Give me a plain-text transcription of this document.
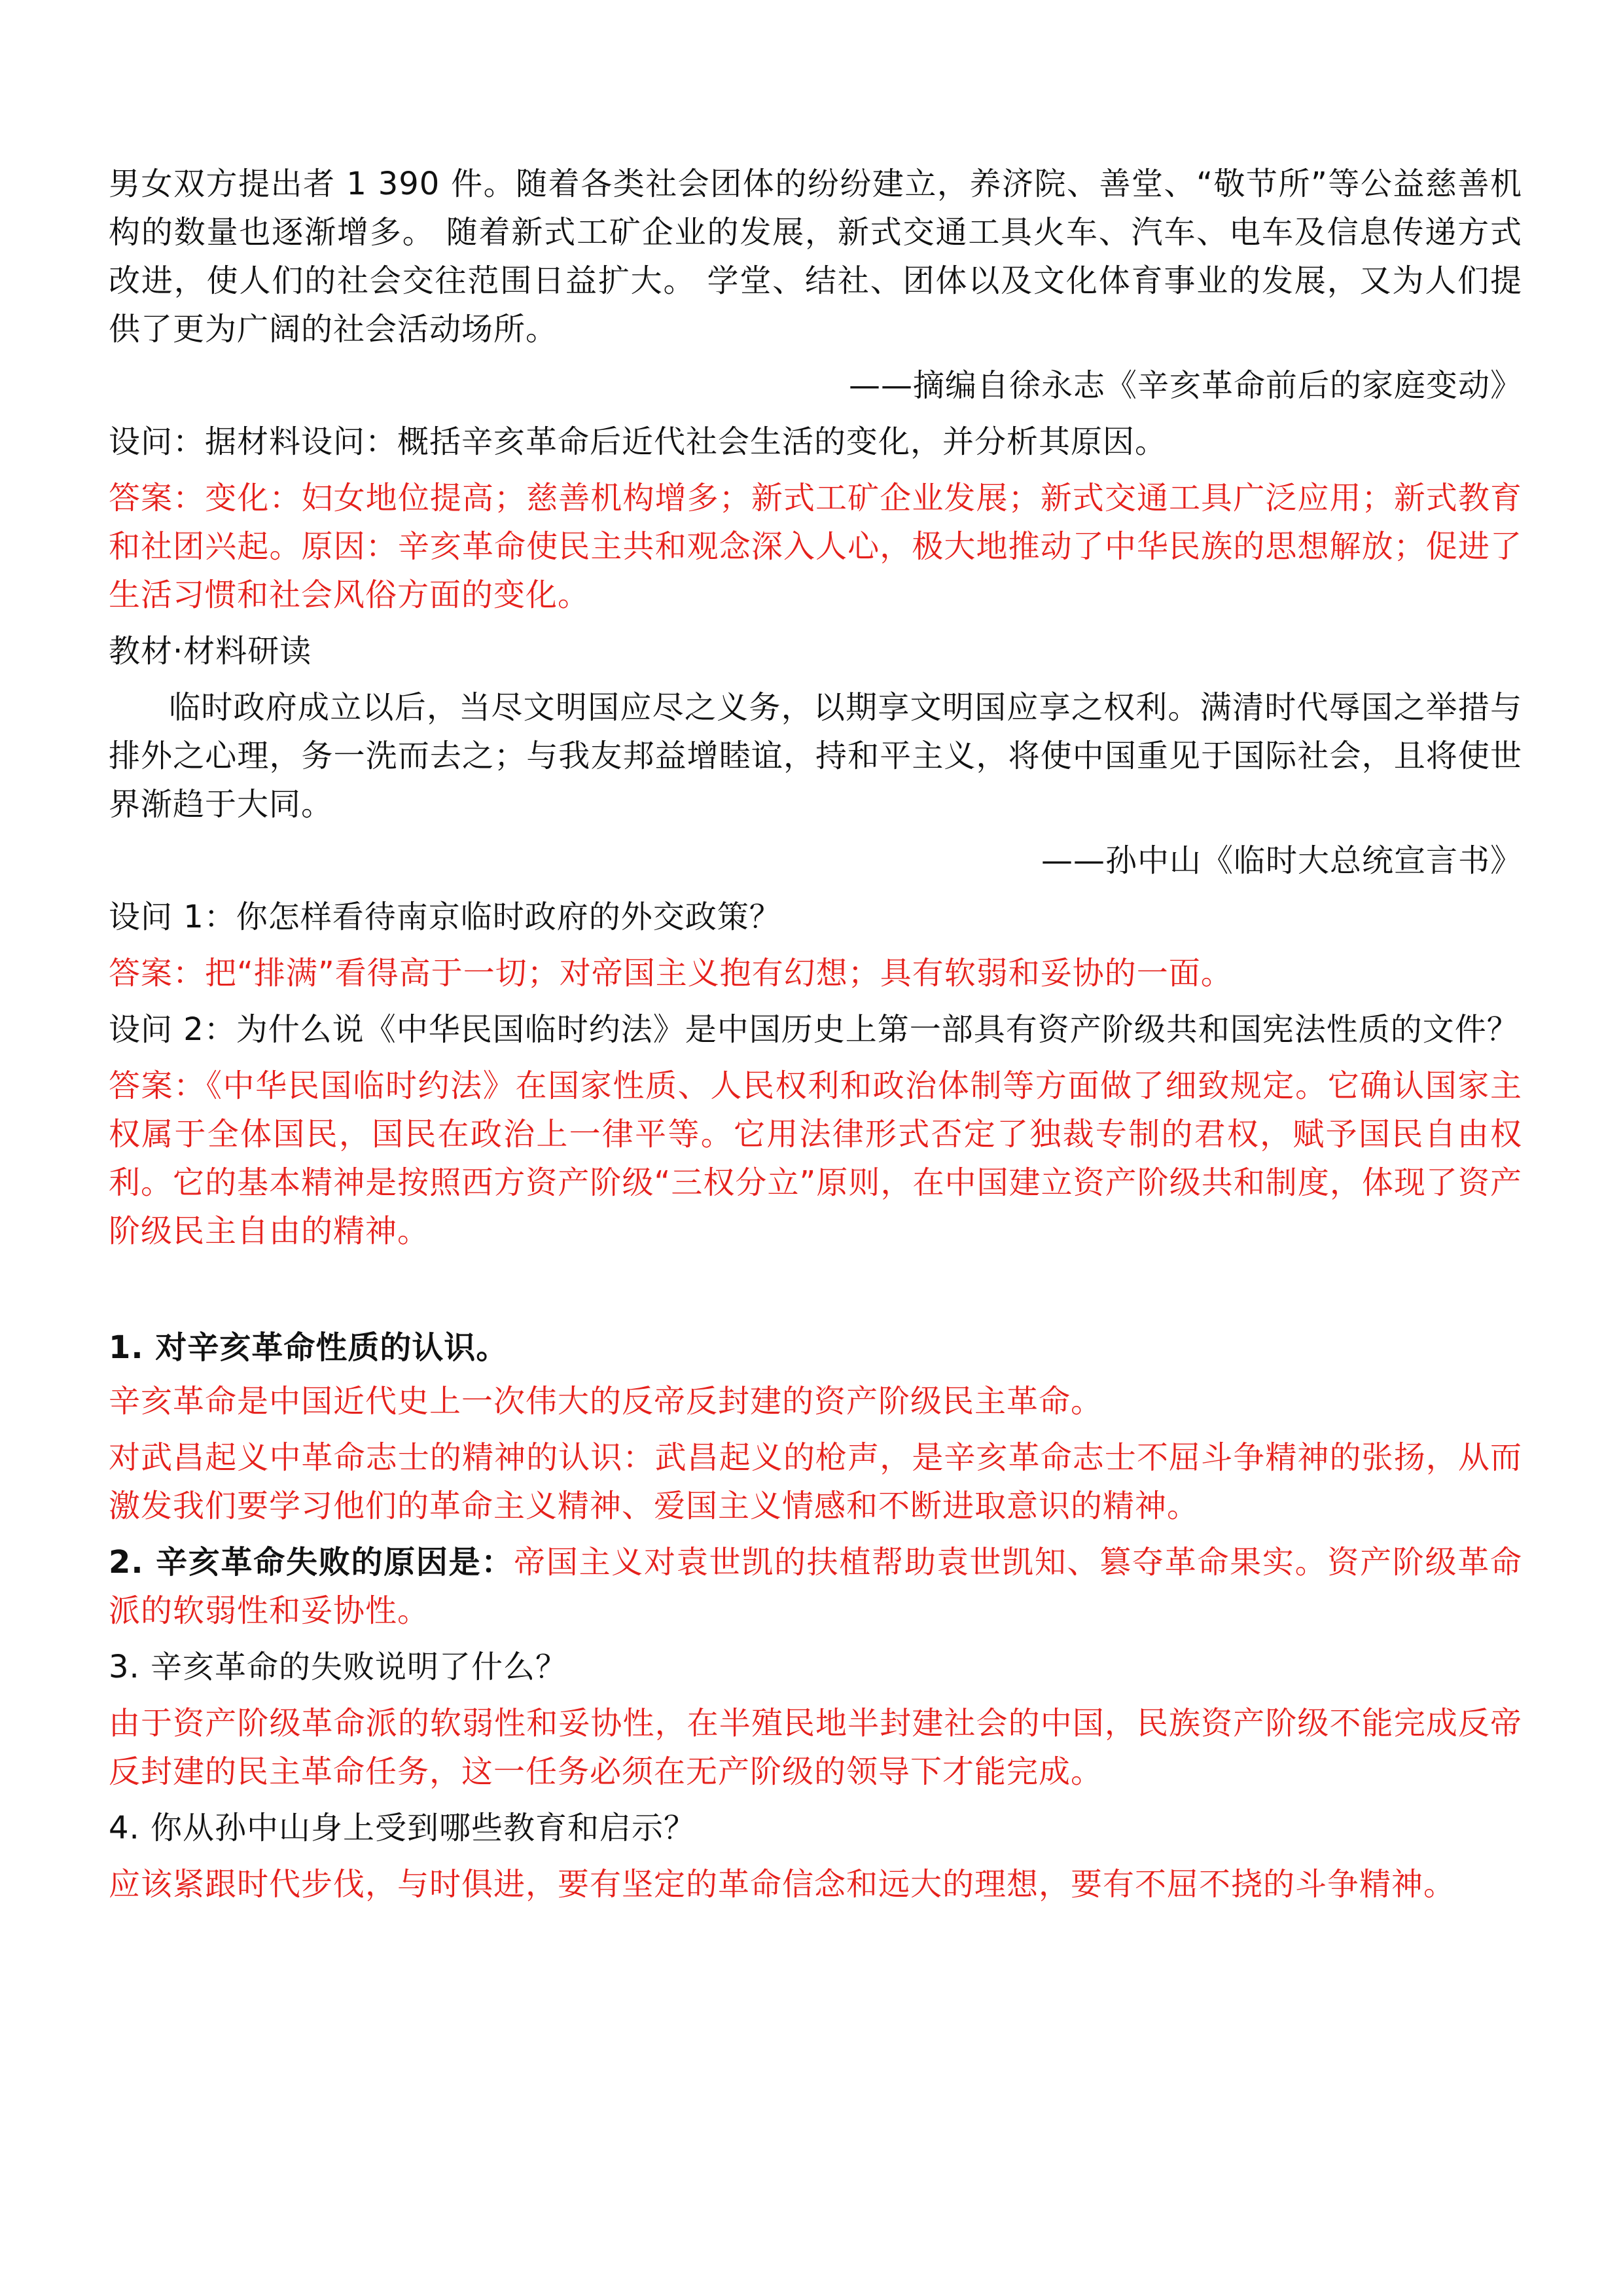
男女双方提出者 1 390 件。随着各类社会团体的纷纷建立，养济院、善堂、“敬节所”等公益慈善机构的数量也逐渐增多。 随着新式工矿企业的发展，新式交通工具火车、汽车、电车及信息传递方式改进，使人们的社会交往范围日益扩大。 学堂、结社、团体以及文化体育事业的发展，又为人们提供了更为广阔的社会活动场所。

——摘编自徐永志《辛亥革命前后的家庭变动》

设问：据材料设问：概括辛亥革命后近代社会生活的变化，并分析其原因。

答案：变化：妇女地位提高；慈善机构增多；新式工矿企业发展；新式交通工具广泛应用；新式教育和社团兴起。原因：辛亥革命使民主共和观念深入人心，极大地推动了中华民族的思想解放；促进了生活习惯和社会风俗方面的变化。

教材·材料研读

临时政府成立以后，当尽文明国应尽之义务，以期享文明国应享之权利。满清时代辱国之举措与排外之心理，务一洗而去之；与我友邦益增睦谊，持和平主义，将使中国重见于国际社会，且将使世界渐趋于大同。

——孙中山《临时大总统宣言书》

设问 1：你怎样看待南京临时政府的外交政策？

答案：把“排满”看得高于一切；对帝国主义抱有幻想；具有软弱和妥协的一面。

设问 2：为什么说《中华民国临时约法》是中国历史上第一部具有资产阶级共和国宪法性质的文件？

答案：《中华民国临时约法》在国家性质、人民权利和政治体制等方面做了细致规定。它确认国家主权属于全体国民，国民在政治上一律平等。它用法律形式否定了独裁专制的君权，赋予国民自由权利。它的基本精神是按照西方资产阶级“三权分立”原则，在中国建立资产阶级共和制度，体现了资产阶级民主自由的精神。

1. 对辛亥革命性质的认识。

辛亥革命是中国近代史上一次伟大的反帝反封建的资产阶级民主革命。

对武昌起义中革命志士的精神的认识：武昌起义的枪声，是辛亥革命志士不屈斗争精神的张扬，从而激发我们要学习他们的革命主义精神、爱国主义情感和不断进取意识的精神。

2. 辛亥革命失败的原因是：帝国主义对袁世凯的扶植帮助袁世凯知、篡夺革命果实。资产阶级革命派的软弱性和妥协性。

3. 辛亥革命的失败说明了什么？

由于资产阶级革命派的软弱性和妥协性，在半殖民地半封建社会的中国，民族资产阶级不能完成反帝反封建的民主革命任务，这一任务必须在无产阶级的领导下才能完成。

4. 你从孙中山身上受到哪些教育和启示？

应该紧跟时代步伐，与时俱进，要有坚定的革命信念和远大的理想，要有不屈不挠的斗争精神。
